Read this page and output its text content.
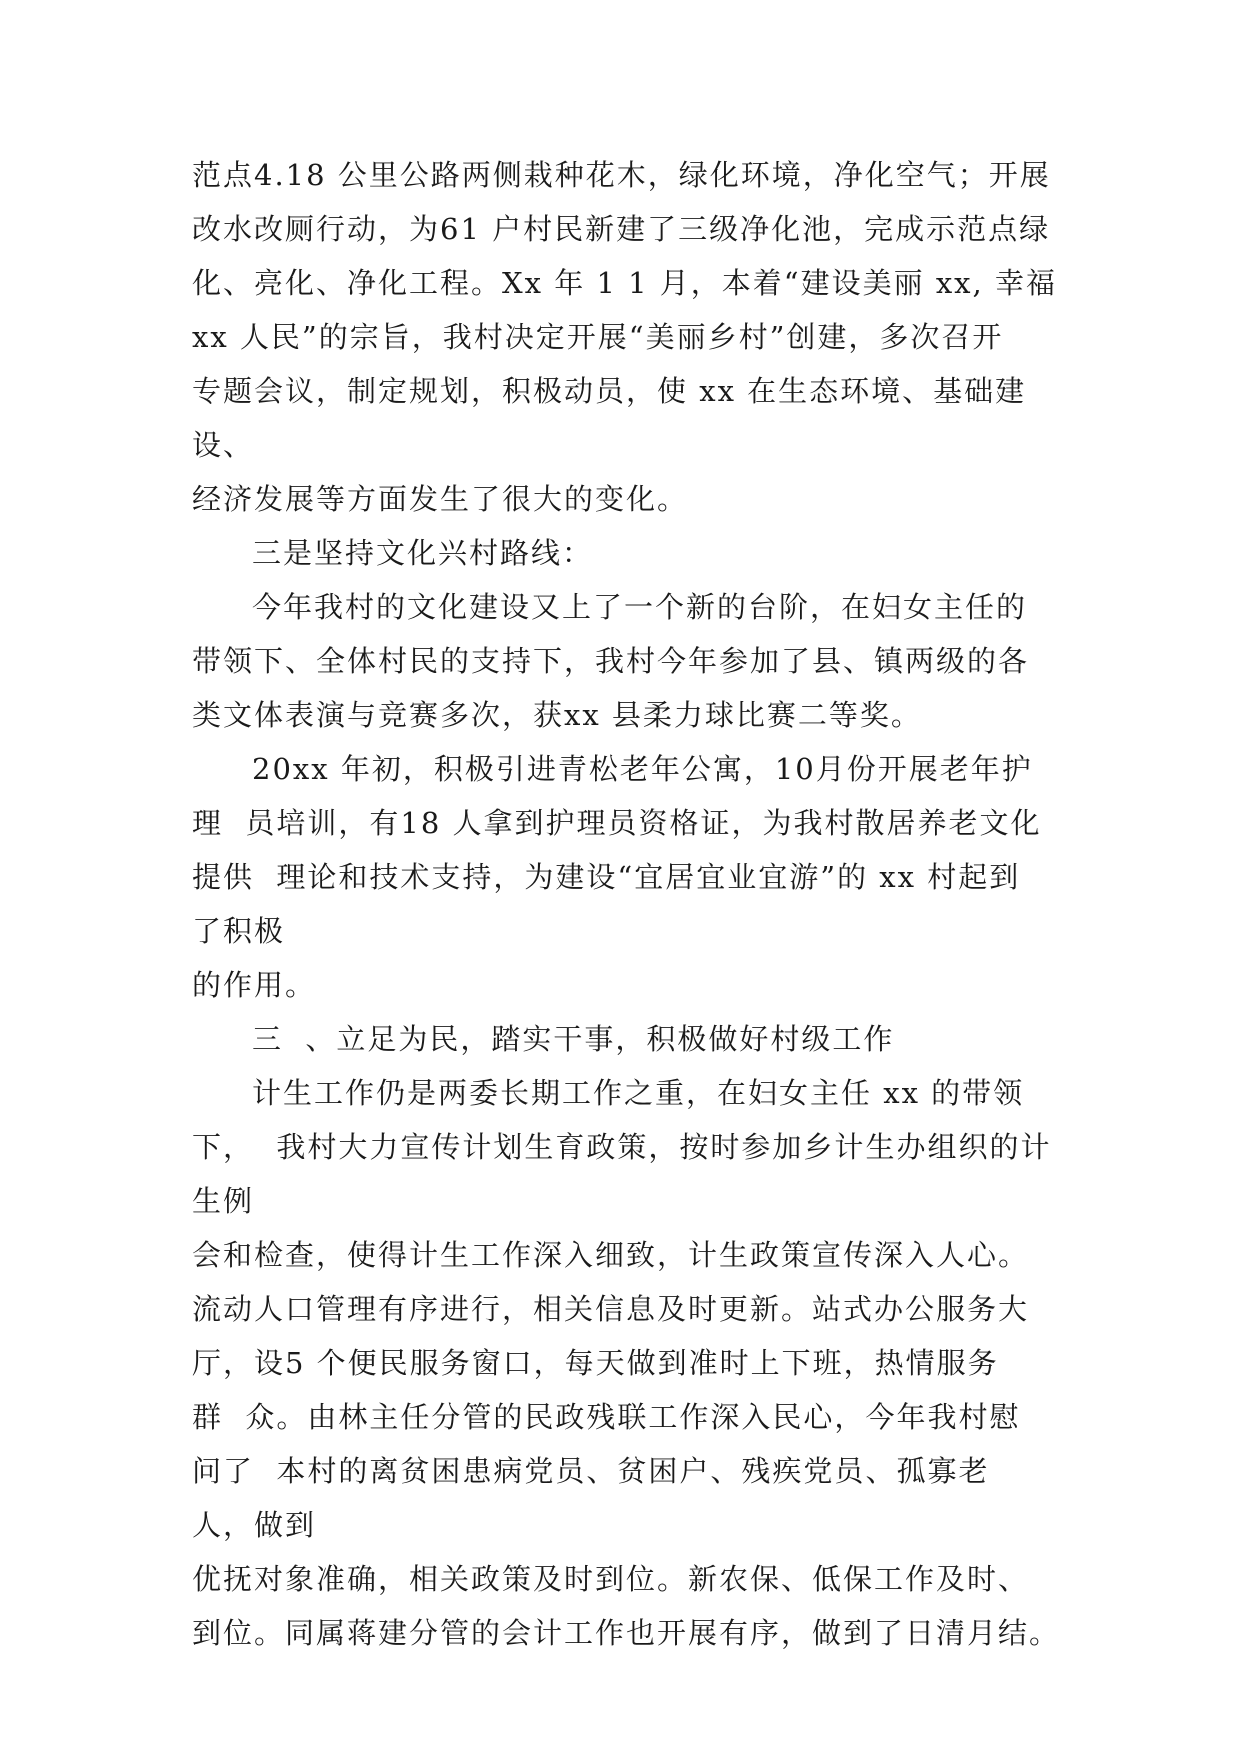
范点4.18 公里公路两侧栽种花木，绿化环境，净化空气；开展
改水改厕行动，为61 户村民新建了三级净化池，完成示范点绿
化、亮化、净化工程。Xx 年 1 1 月，本着“建设美丽 xx, 幸福
xx 人民”的宗旨，我村决定开展“美丽乡村”创建，多次召开
专题会议，制定规划，积极动员，使 xx 在生态环境、基础建
设、
经济发展等方面发生了很大的变化。
三是坚持文化兴村路线：
今年我村的文化建设又上了一个新的台阶，在妇女主任的
带领下、全体村民的支持下，我村今年参加了县、镇两级的各
类文体表演与竞赛多次，获xx 县柔力球比赛二等奖。
20xx 年初，积极引进青松老年公寓，10月份开展老年护
理  员培训，有18 人拿到护理员资格证，为我村散居养老文化
提供  理论和技术支持，为建设“宜居宜业宜游”的 xx 村起到
了积极
的作用。
三  、立足为民，踏实干事，积极做好村级工作
计生工作仍是两委长期工作之重，在妇女主任 xx 的带领
下，  我村大力宣传计划生育政策，按时参加乡计生办组织的计
生例
会和检查，使得计生工作深入细致，计生政策宣传深入人心。
流动人口管理有序进行，相关信息及时更新。站式办公服务大
厅，设5 个便民服务窗口，每天做到准时上下班，热情服务
群  众。由林主任分管的民政残联工作深入民心，今年我村慰
问了  本村的离贫困患病党员、贫困户、残疾党员、孤寡老
人，做到
优抚对象准确，相关政策及时到位。新农保、低保工作及时、
到位。同属蒋建分管的会计工作也开展有序，做到了日清月结。
